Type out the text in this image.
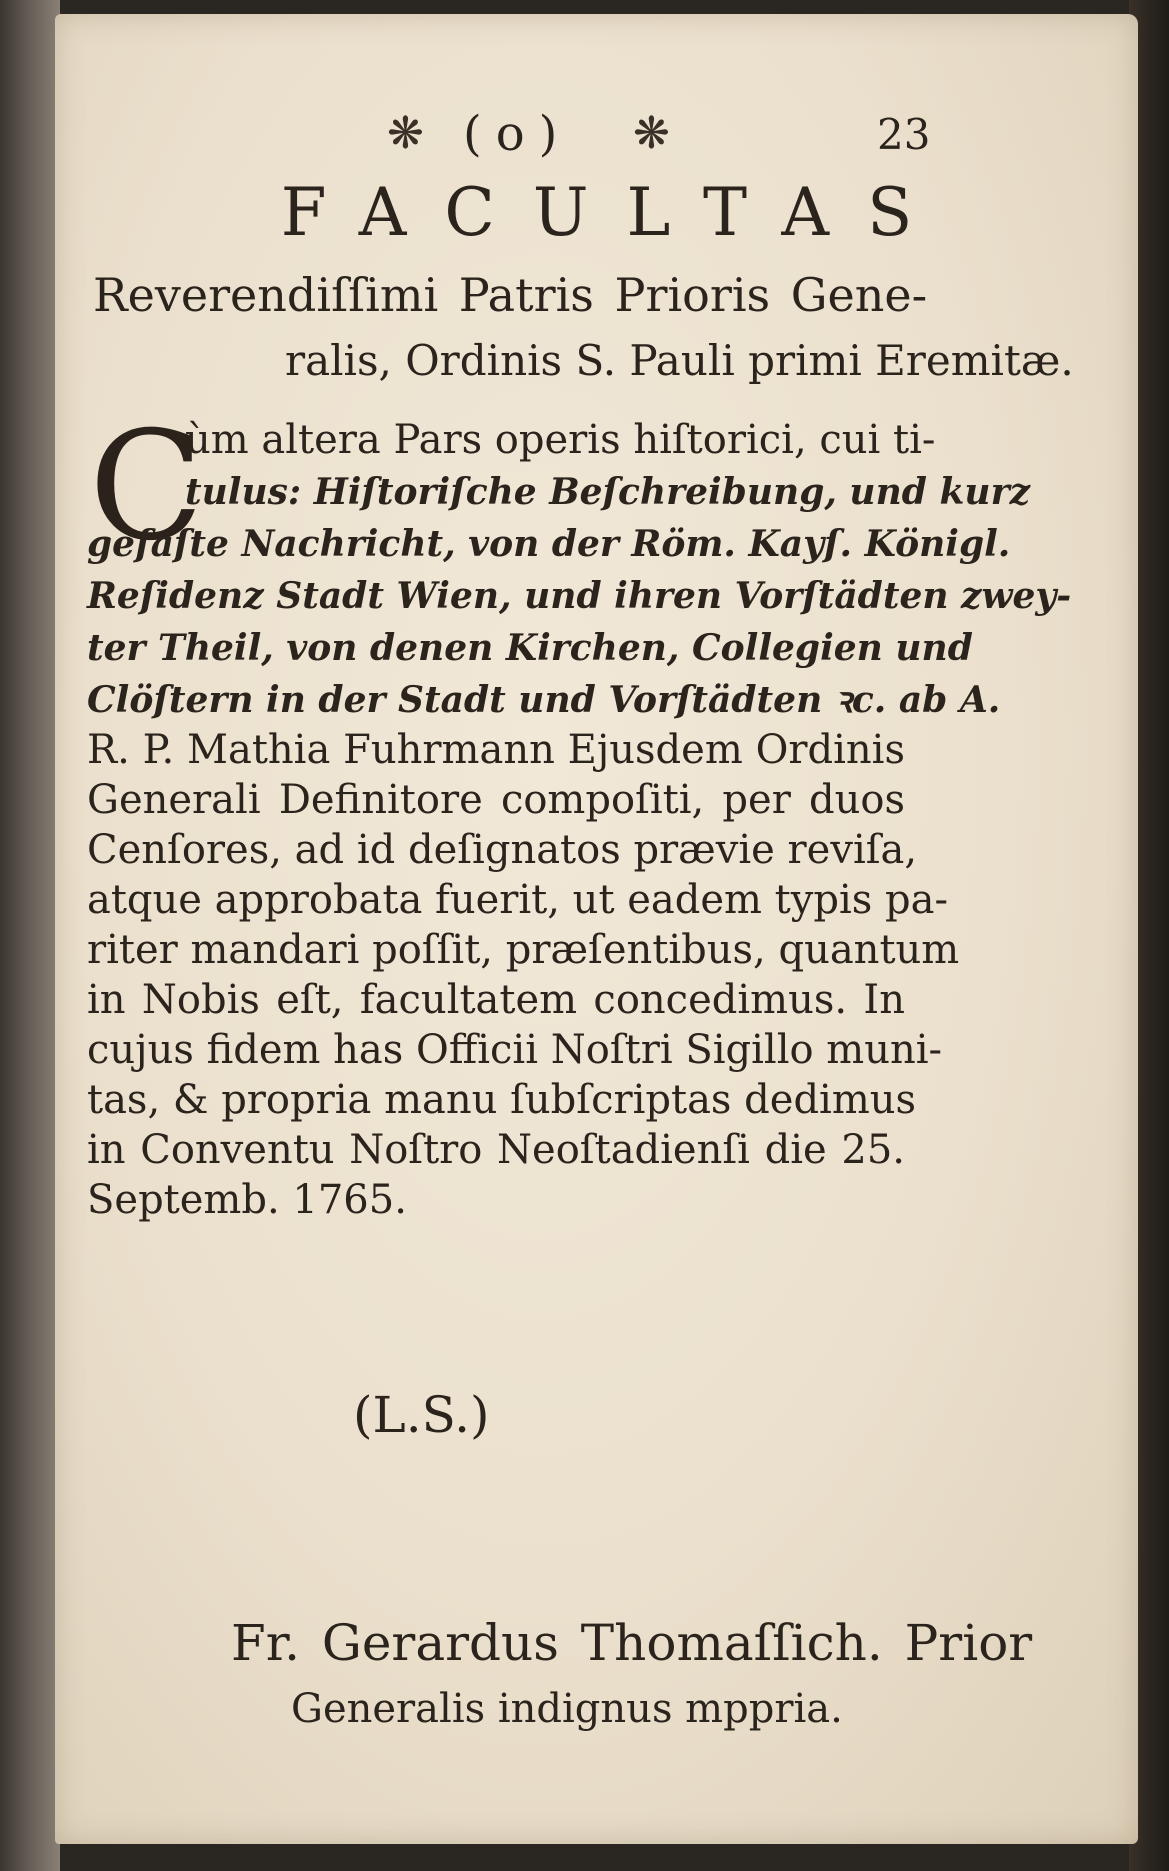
❋ (o) ❋	23
FACULTAS
Reverendiſſimi Patris Prioris Gene-
ralis, Ordinis S. Pauli primi Eremitæ.
C
ùm altera Pars operis hiſtorici, cui ti-
tulus: Hiſtoriſche Beſchreibung, und kurz
gefaſte Nachricht, von der Röm. Kayſ. Königl.
Reſidenz Stadt Wien, und ihren Vorſtädten zwey-
ter Theil, von denen Kirchen, Collegien und
Clöſtern in der Stadt und Vorſtädten ꝛc. ab A.
R. P. Mathia Fuhrmann Ejusdem Ordinis
Generali Definitore compoſiti, per duos
Cenſores, ad id deſignatos prævie reviſa,
atque approbata fuerit, ut eadem typis pa-
riter mandari poſſit, præſentibus, quantum
in Nobis eſt, facultatem concedimus. In
cujus fidem has Officii Noſtri Sigillo muni-
tas, & propria manu ſubſcriptas dedimus
in Conventu Noſtro Neoſtadienſi die 25.
Septemb. 1765.
(L.S.)
Fr. Gerardus Thomaſſich. Prior
Generalis indignus mppria.
